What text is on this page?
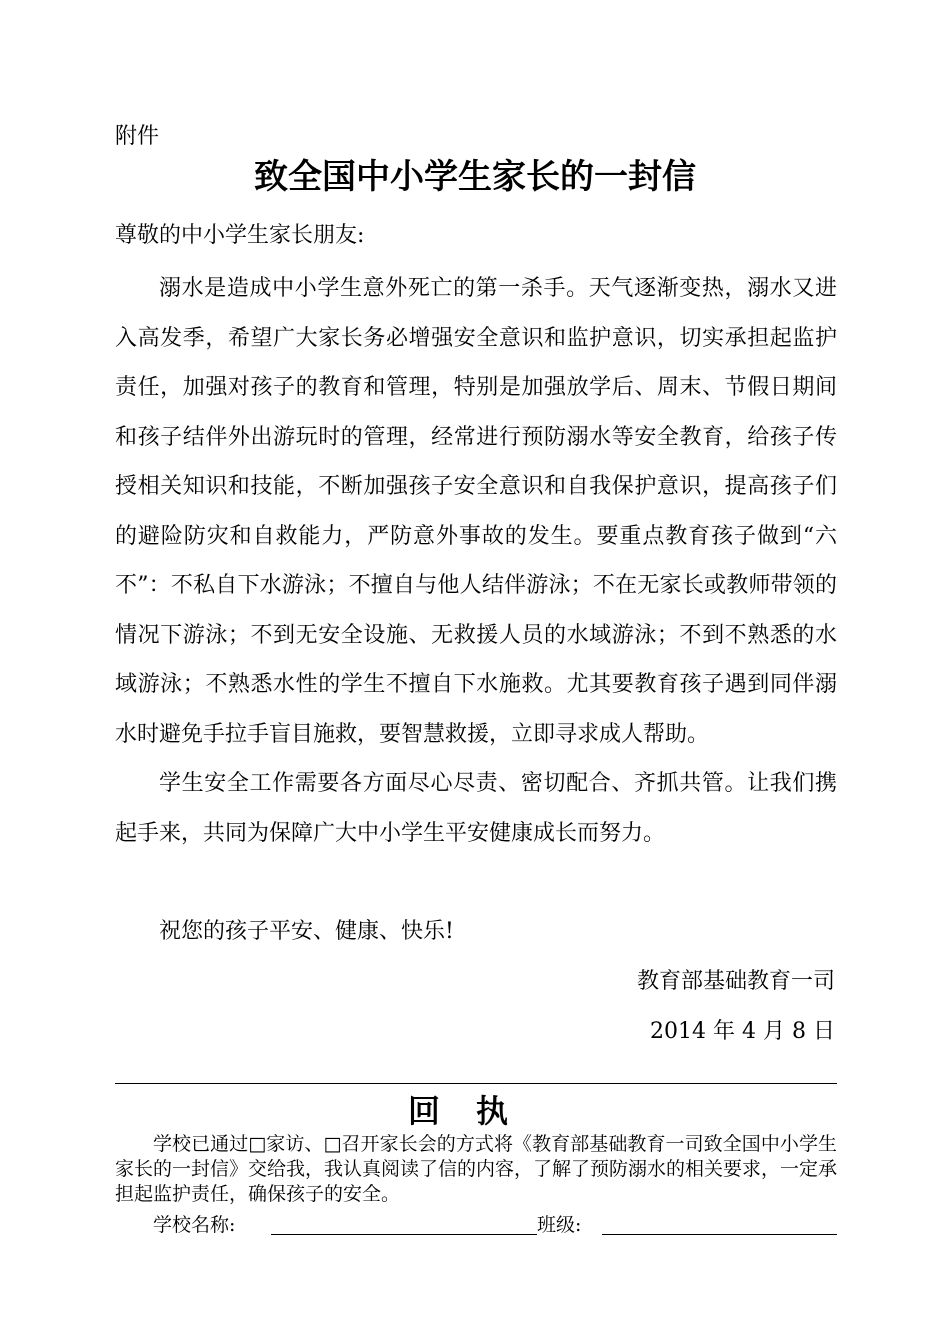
附件
致全国中小学生家长的一封信
尊敬的中小学生家长朋友:

溺水是造成中小学生意外死亡的第一杀手。天气逐渐变热，溺水又进入高发季，希望广大家长务必增强安全意识和监护意识，切实承担起监护责任，加强对孩子的教育和管理，特别是加强放学后、周末、节假日期间和孩子结伴外出游玩时的管理，经常进行预防溺水等安全教育，给孩子传授相关知识和技能，不断加强孩子安全意识和自我保护意识，提高孩子们的避险防灾和自救能力，严防意外事故的发生。要重点教育孩子做到“六不”：不私自下水游泳；不擅自与他人结伴游泳；不在无家长或教师带领的情况下游泳；不到无安全设施、无救援人员的水域游泳；不到不熟悉的水域游泳；不熟悉水性的学生不擅自下水施救。尤其要教育孩子遇到同伴溺水时避免手拉手盲目施救，要智慧救援，立即寻求成人帮助。

学生安全工作需要各方面尽心尽责、密切配合、齐抓共管。让我们携起手来，共同为保障广大中小学生平安健康成长而努力。

祝您的孩子平安、健康、快乐!
教育部基础教育一司
2014 年 4 月 8 日
回执

学校已通过□家访、□召开家长会的方式将《教育部基础教育一司致全国中小学生家长的一封信》交给我，我认真阅读了信的内容，了解了预防溺水的相关要求，一定承担起监护责任，确保孩子的安全。

学校名称:	班级:
